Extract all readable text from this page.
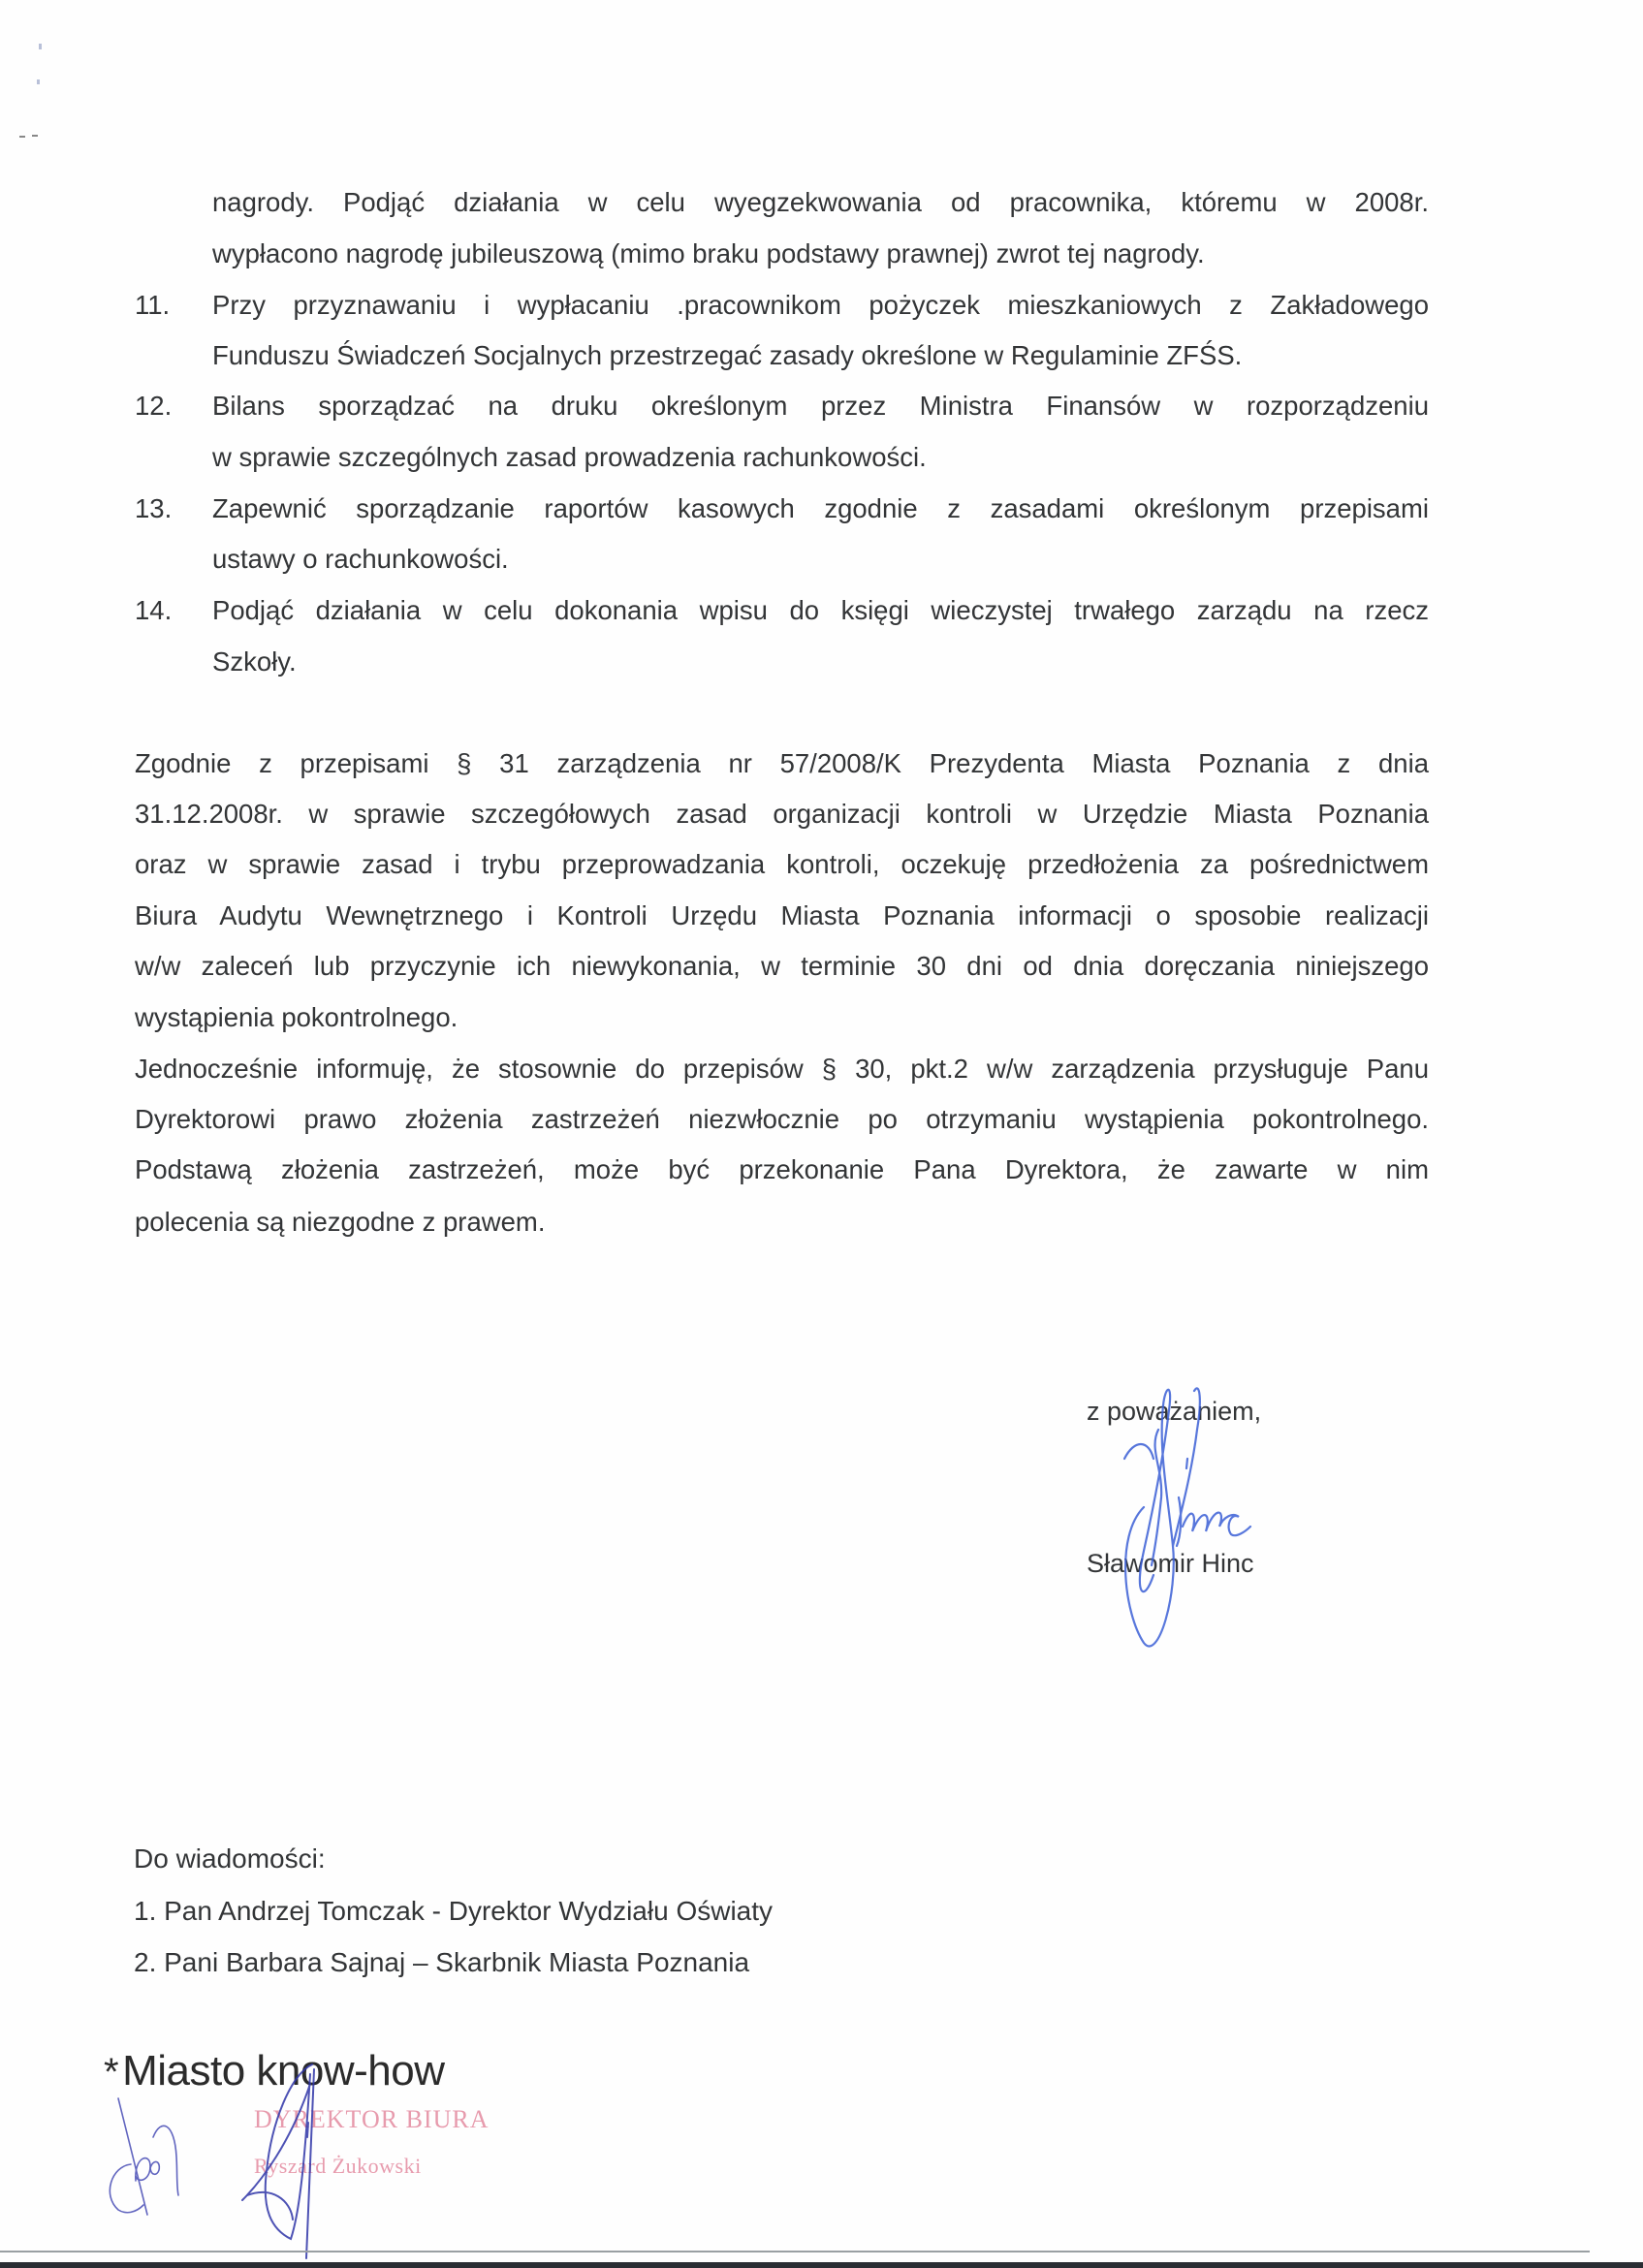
nagrody. Podjąć działania w celu wyegzekwowania od pracownika, któremu w 2008r.
wypłacono nagrodę jubileuszową (mimo braku podstawy prawnej) zwrot tej nagrody.
11. Przy przyznawaniu i wypłacaniu .pracownikom pożyczek mieszkaniowych z Zakładowego
Funduszu Świadczeń Socjalnych przestrzegać zasady określone w Regulaminie ZFŚS.
12. Bilans sporządzać na druku określonym przez Ministra Finansów w rozporządzeniu
w sprawie szczególnych zasad prowadzenia rachunkowości.
13. Zapewnić sporządzanie raportów kasowych zgodnie z zasadami określonym przepisami
ustawy o rachunkowości.
14. Podjąć działania w celu dokonania wpisu do księgi wieczystej trwałego zarządu na rzecz
Szkoły.
Zgodnie z przepisami § 31 zarządzenia nr 57/2008/K Prezydenta Miasta Poznania z dnia
31.12.2008r. w sprawie szczegółowych zasad organizacji kontroli w Urzędzie Miasta Poznania
oraz w sprawie zasad i trybu przeprowadzania kontroli, oczekuję przedłożenia za pośrednictwem
Biura Audytu Wewnętrznego i Kontroli Urzędu Miasta Poznania informacji o sposobie realizacji
w/w zaleceń lub przyczynie ich niewykonania, w terminie 30 dni od dnia doręczania niniejszego
wystąpienia pokontrolnego.
Jednocześnie informuję, że stosownie do przepisów § 30, pkt.2 w/w zarządzenia przysługuje Panu
Dyrektorowi prawo złożenia zastrzeżeń niezwłocznie po otrzymaniu wystąpienia pokontrolnego.
Podstawą złożenia zastrzeżeń, może być przekonanie Pana Dyrektora, że zawarte w nim
polecenia są niezgodne z prawem.
z poważaniem,
Sławomir Hinc
Do wiadomości:
1. Pan Andrzej Tomczak - Dyrektor Wydziału Oświaty
2. Pani Barbara Sajnaj – Skarbnik Miasta Poznania
*Miasto know-how
DYREKTOR BIURA
Ryszard Żukowski
